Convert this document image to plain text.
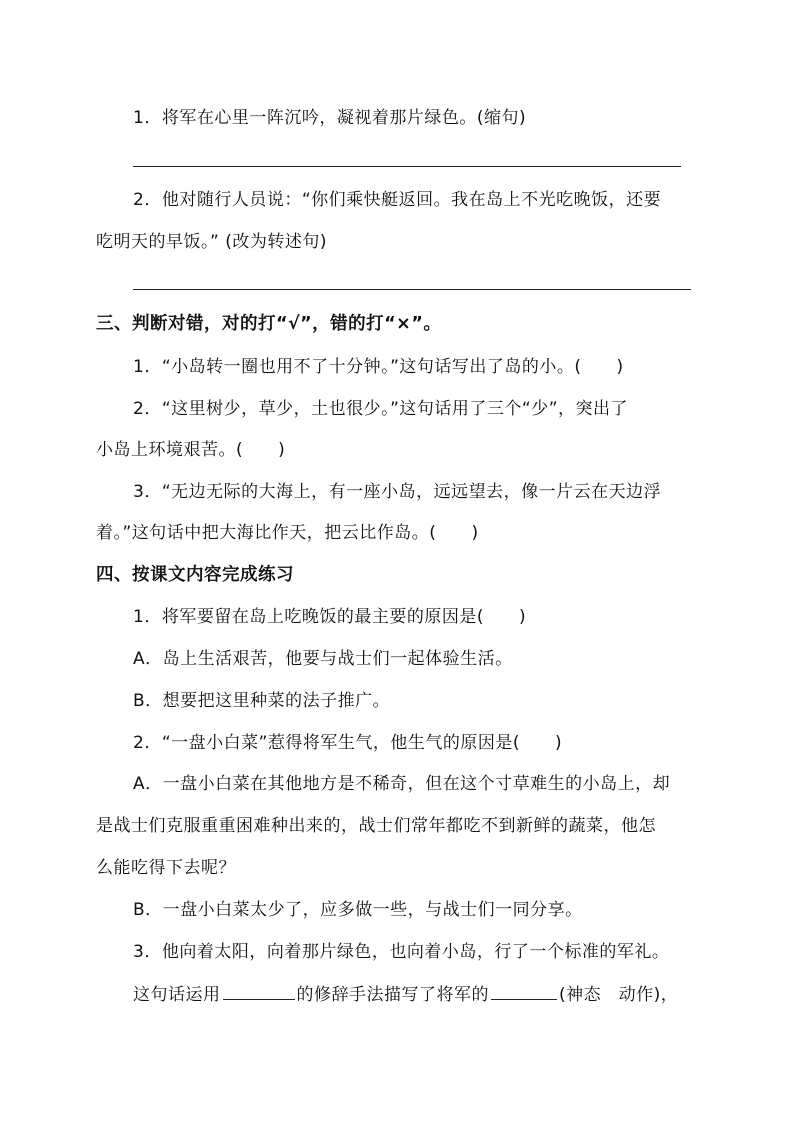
1．将军在心里一阵沉吟，凝视着那片绿色。(缩句)
2．他对随行人员说：“你们乘快艇返回。我在岛上不光吃晚饭，还要
吃明天的早饭。” (改为转述句)
三、判断对错，对的打“√”，错的打“×”。
1．“小岛转一圈也用不了十分钟。”这句话写出了岛的小。(　　)
2．“这里树少，草少，土也很少。”这句话用了三个“少”，突出了
小岛上环境艰苦。(　　)
3．“无边无际的大海上，有一座小岛，远远望去，像一片云在天边浮
着。”这句话中把大海比作天，把云比作岛。(　　)
四、按课文内容完成练习
1．将军要留在岛上吃晚饭的最主要的原因是(　　)
A．岛上生活艰苦，他要与战士们一起体验生活。
B．想要把这里种菜的法子推广。
2．“一盘小白菜”惹得将军生气，他生气的原因是(　　)
A．一盘小白菜在其他地方是不稀奇，但在这个寸草难生的小岛上，却
是战士们克服重重困难种出来的，战士们常年都吃不到新鲜的蔬菜，他怎
么能吃得下去呢？
B．一盘小白菜太少了，应多做一些，与战士们一同分享。
3．他向着太阳，向着那片绿色，也向着小岛，行了一个标准的军礼。
这句话运用	的修辞手法描写了将军的	(神态　动作)，
